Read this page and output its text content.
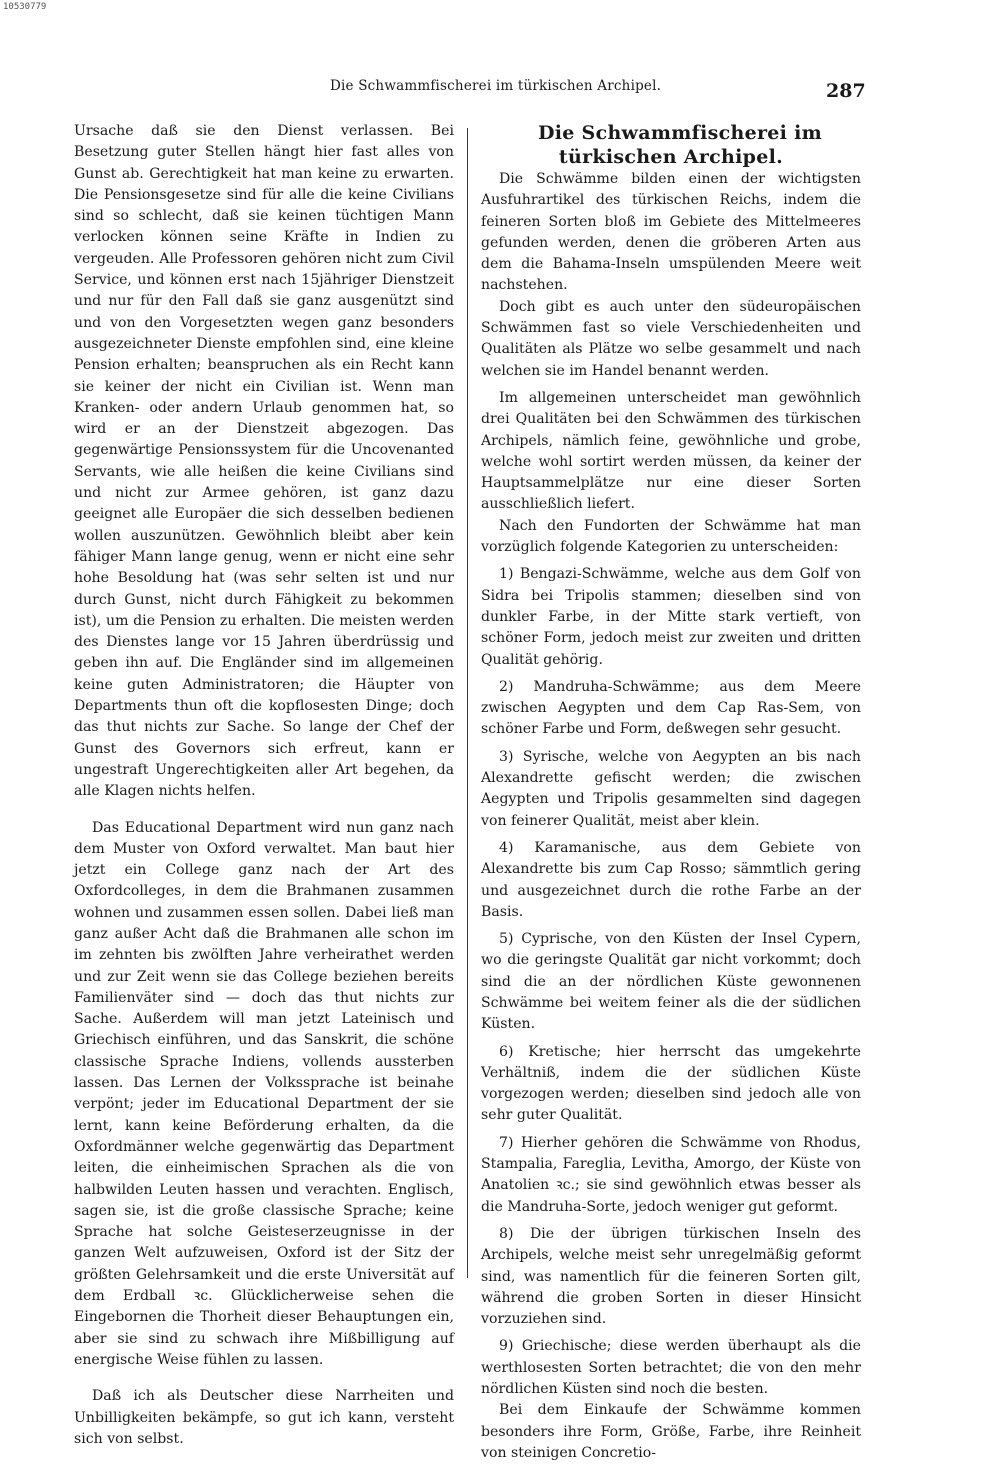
10530779
Die Schwammfischerei im türkischen Archipel.	287

Ursache daß sie den Dienst verlassen. Bei Besetzung guter Stellen hängt hier fast alles von Gunst ab. Gerechtigkeit hat man keine zu erwarten. Die Pensionsgesetze sind für alle die keine Civilians sind so schlecht, daß sie keinen tüchtigen Mann verlocken können seine Kräfte in Indien zu vergeuden. Alle Professoren gehören nicht zum Civil Service, und können erst nach 15jähriger Dienstzeit und nur für den Fall daß sie ganz ausgenützt sind und von den Vorgesetzten wegen ganz besonders ausgezeichneter Dienste empfohlen sind, eine kleine Pension erhalten; beanspruchen als ein Recht kann sie keiner der nicht ein Civilian ist. Wenn man Kranken- oder andern Urlaub genommen hat, so wird er an der Dienstzeit abgezogen. Das gegenwärtige Pensionssystem für die Uncovenanted Servants, wie alle heißen die keine Civilians sind und nicht zur Armee gehören, ist ganz dazu geeignet alle Europäer die sich desselben bedienen wollen auszunützen. Gewöhnlich bleibt aber kein fähiger Mann lange genug, wenn er nicht eine sehr hohe Besoldung hat (was sehr selten ist und nur durch Gunst, nicht durch Fähigkeit zu bekommen ist), um die Pension zu erhalten. Die meisten werden des Dienstes lange vor 15 Jahren überdrüssig und geben ihn auf. Die Engländer sind im allgemeinen keine guten Administratoren; die Häupter von Departments thun oft die kopflosesten Dinge; doch das thut nichts zur Sache. So lange der Chef der Gunst des Governors sich erfreut, kann er ungestraft Ungerechtigkeiten aller Art begehen, da alle Klagen nichts helfen.

Das Educational Department wird nun ganz nach dem Muster von Oxford verwaltet. Man baut hier jetzt ein College ganz nach der Art des Oxfordcolleges, in dem die Brahmanen zusammen wohnen und zusammen essen sollen. Dabei ließ man ganz außer Acht daß die Brahmanen alle schon im im zehnten bis zwölften Jahre verheirathet werden und zur Zeit wenn sie das College beziehen bereits Familienväter sind — doch das thut nichts zur Sache. Außerdem will man jetzt Lateinisch und Griechisch einführen, und das Sanskrit, die schöne classische Sprache Indiens, vollends aussterben lassen. Das Lernen der Volkssprache ist beinahe verpönt; jeder im Educational Department der sie lernt, kann keine Beförderung erhalten, da die Oxfordmänner welche gegenwärtig das Department leiten, die einheimischen Sprachen als die von halbwilden Leuten hassen und verachten. Englisch, sagen sie, ist die große classische Sprache; keine Sprache hat solche Geisteserzeugnisse in der ganzen Welt aufzuweisen, Oxford ist der Sitz der größten Gelehrsamkeit und die erste Universität auf dem Erdball ꝛc. Glücklicherweise sehen die Eingebornen die Thorheit dieser Behauptungen ein, aber sie sind zu schwach ihre Mißbilligung auf energische Weise fühlen zu lassen.

Daß ich als Deutscher diese Narrheiten und Unbilligkeiten bekämpfe, so gut ich kann, versteht sich von selbst.

Die Schwammfischerei im türkischen Archipel.

Die Schwämme bilden einen der wichtigsten Ausfuhrartikel des türkischen Reichs, indem die feineren Sorten bloß im Gebiete des Mittelmeeres gefunden werden, denen die gröberen Arten aus dem die Bahama-Inseln umspülenden Meere weit nachstehen.

Doch gibt es auch unter den südeuropäischen Schwämmen fast so viele Verschiedenheiten und Qualitäten als Plätze wo selbe gesammelt und nach welchen sie im Handel benannt werden.

Im allgemeinen unterscheidet man gewöhnlich drei Qualitäten bei den Schwämmen des türkischen Archipels, nämlich feine, gewöhnliche und grobe, welche wohl sortirt werden müssen, da keiner der Hauptsammelplätze nur eine dieser Sorten ausschließlich liefert.

Nach den Fundorten der Schwämme hat man vorzüglich folgende Kategorien zu unterscheiden:

1) Bengazi-Schwämme, welche aus dem Golf von Sidra bei Tripolis stammen; dieselben sind von dunkler Farbe, in der Mitte stark vertieft, von schöner Form, jedoch meist zur zweiten und dritten Qualität gehörig.

2) Mandruha-Schwämme; aus dem Meere zwischen Aegypten und dem Cap Ras-Sem, von schöner Farbe und Form, deßwegen sehr gesucht.

3) Syrische, welche von Aegypten an bis nach Alexandrette gefischt werden; die zwischen Aegypten und Tripolis gesammelten sind dagegen von feinerer Qualität, meist aber klein.

4) Karamanische, aus dem Gebiete von Alexandrette bis zum Cap Rosso; sämmtlich gering und ausgezeichnet durch die rothe Farbe an der Basis.

5) Cyprische, von den Küsten der Insel Cypern, wo die geringste Qualität gar nicht vorkommt; doch sind die an der nördlichen Küste gewonnenen Schwämme bei weitem feiner als die der südlichen Küsten.

6) Kretische; hier herrscht das umgekehrte Verhältniß, indem die der südlichen Küste vorgezogen werden; dieselben sind jedoch alle von sehr guter Qualität.

7) Hierher gehören die Schwämme von Rhodus, Stampalia, Fareglia, Levitha, Amorgo, der Küste von Anatolien ꝛc.; sie sind gewöhnlich etwas besser als die Mandruha-Sorte, jedoch weniger gut geformt.

8) Die der übrigen türkischen Inseln des Archipels, welche meist sehr unregelmäßig geformt sind, was namentlich für die feineren Sorten gilt, während die groben Sorten in dieser Hinsicht vorzuziehen sind.

9) Griechische; diese werden überhaupt als die werthlosesten Sorten betrachtet; die von den mehr nördlichen Küsten sind noch die besten.

Bei dem Einkaufe der Schwämme kommen besonders ihre Form, Größe, Farbe, ihre Reinheit von steinigen Concretio-
